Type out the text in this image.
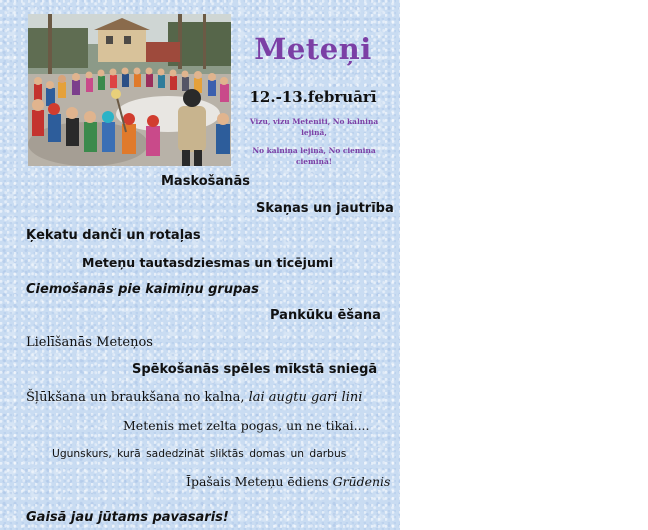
Meteņi
12.-13.februārī
Vizu, vizu Meteniti, No kalniņa lejiņā,
No kalniņa lejiņā, No ciemiņa ciemiņā!
Maskošanās
Skaņas un jautrība
Ķekatu danči un rotaļas
Meteņu tautasdziesmas un ticējumi
Ciemošanās pie kaimiņu grupas
Pankūku ēšana
Lielīšanās Meteņos
Spēkošanās spēles mīkstā sniegā
Šļūkšana un braukšana no kalna, lai augtu gari lini
Metenis met zelta pogas, un ne tikai....
Ugunskurs, kurā sadedzināt sliktās domas un darbus
Īpašais Meteņu ēdiens Grūdenis
Gaisā jau jūtams pavasaris!
